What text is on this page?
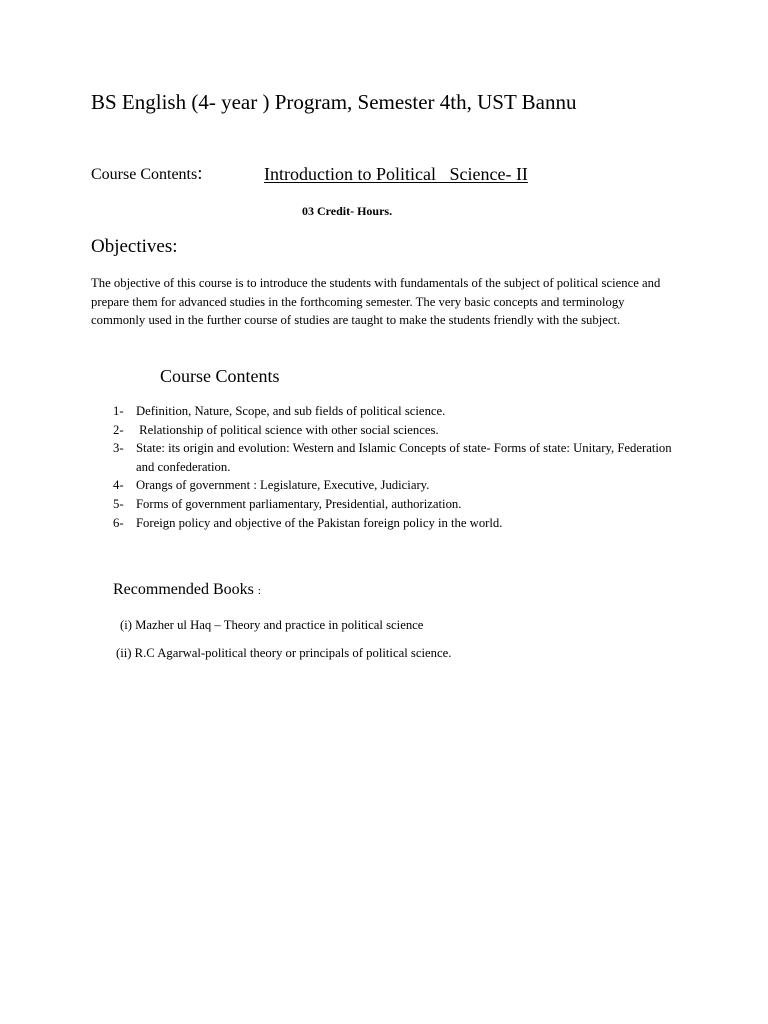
BS English (4- year ) Program, Semester 4th, UST Bannu
Course Contents:	Introduction to Political   Science- II
03 Credit- Hours.
Objectives:

The objective of this course is to introduce the students with fundamentals of the subject of political science and prepare them for advanced studies in the forthcoming semester. The very basic concepts and terminology commonly used in the further course of studies are taught to make the students friendly with the subject.

Course Contents
1- Definition, Nature, Scope, and sub fields of political science.
2- Relationship of political science with other social sciences.
3- State: its origin and evolution: Western and Islamic Concepts of state- Forms of state: Unitary, Federation and confederation.
4- Orangs of government : Legislature, Executive, Judiciary.
5- Forms of government parliamentary, Presidential, authorization.
6- Foreign policy and objective of the Pakistan foreign policy in the world.
Recommended Books :
(i) Mazher ul Haq – Theory and practice in political science
(ii) R.C Agarwal-political theory or principals of political science.
